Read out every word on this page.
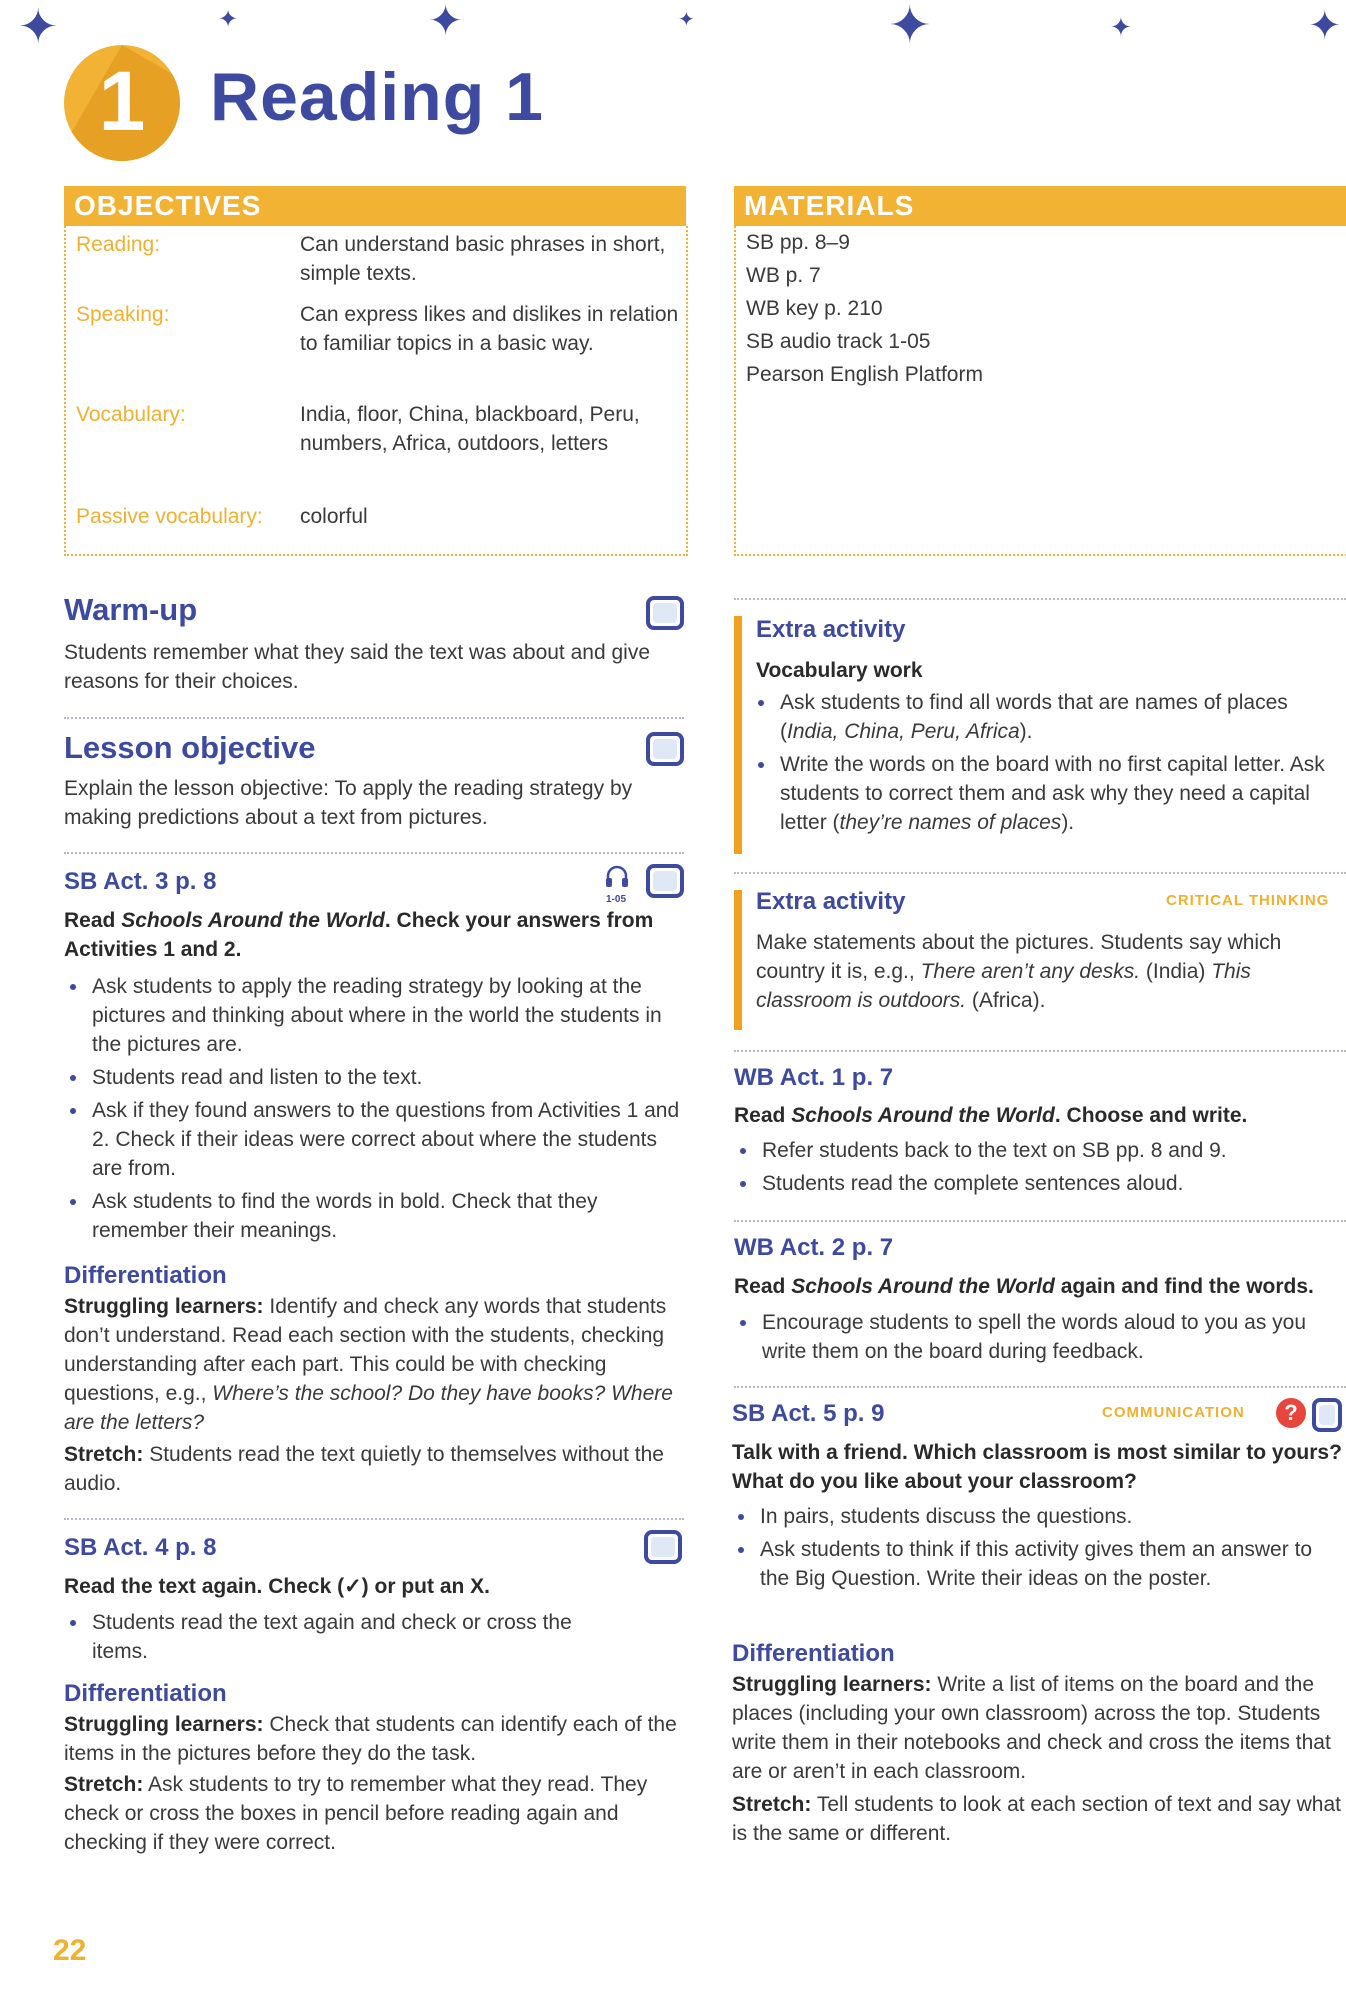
✦	✦	✦	✦	✦	✦	✦
1 Reading 1
OBJECTIVES
Reading:	Can understand basic phrases in short, simple texts.
Speaking:	Can express likes and dislikes in relation to familiar topics in a basic way.
Vocabulary:	India, floor, China, blackboard, Peru, numbers, Africa, outdoors, letters
Passive vocabulary: colorful
MATERIALS
SB pp. 8–9
WB p. 7
WB key p. 210
SB audio track 1-05
Pearson English Platform
Warm-up
Students remember what they said the text was about and give reasons for their choices.
Lesson objective
Explain the lesson objective: To apply the reading strategy by making predictions about a text from pictures.
SB Act. 3 p. 8
1-05
Read Schools Around the World. Check your answers from Activities 1 and 2.
Ask students to apply the reading strategy by looking at the pictures and thinking about where in the world the students in the pictures are.
Students read and listen to the text.
Ask if they found answers to the questions from Activities 1 and 2. Check if their ideas were correct about where the students are from.
Ask students to find the words in bold. Check that they remember their meanings.
Differentiation
Struggling learners: Identify and check any words that students don’t understand. Read each section with the students, checking understanding after each part. This could be with checking questions, e.g., Where’s the school? Do they have books? Where are the letters?
Stretch: Students read the text quietly to themselves without the audio.
SB Act. 4 p. 8
Read the text again. Check (✓) or put an X.
Students read the text again and check or cross the items.
Differentiation
Struggling learners: Check that students can identify each of the items in the pictures before they do the task.
Stretch: Ask students to try to remember what they read. They check or cross the boxes in pencil before reading again and checking if they were correct.
Extra activity
Vocabulary work
Ask students to find all words that are names of places (India, China, Peru, Africa).
Write the words on the board with no first capital letter. Ask students to correct them and ask why they need a capital letter (they’re names of places).
Extra activity	CRITICAL THINKING
Make statements about the pictures. Students say which country it is, e.g., There aren’t any desks. (India) This classroom is outdoors. (Africa).
WB Act. 1 p. 7
Read Schools Around the World. Choose and write.
Refer students back to the text on SB pp. 8 and 9.
Students read the complete sentences aloud.
WB Act. 2 p. 7
Read Schools Around the World again and find the words.
Encourage students to spell the words aloud to you as you write them on the board during feedback.
SB Act. 5 p. 9	COMMUNICATION	?
Talk with a friend. Which classroom is most similar to yours? What do you like about your classroom?
In pairs, students discuss the questions.
Ask students to think if this activity gives them an answer to the Big Question. Write their ideas on the poster.
Differentiation
Struggling learners: Write a list of items on the board and the places (including your own classroom) across the top. Students write them in their notebooks and check and cross the items that are or aren’t in each classroom.
Stretch: Tell students to look at each section of text and say what is the same or different.
22
